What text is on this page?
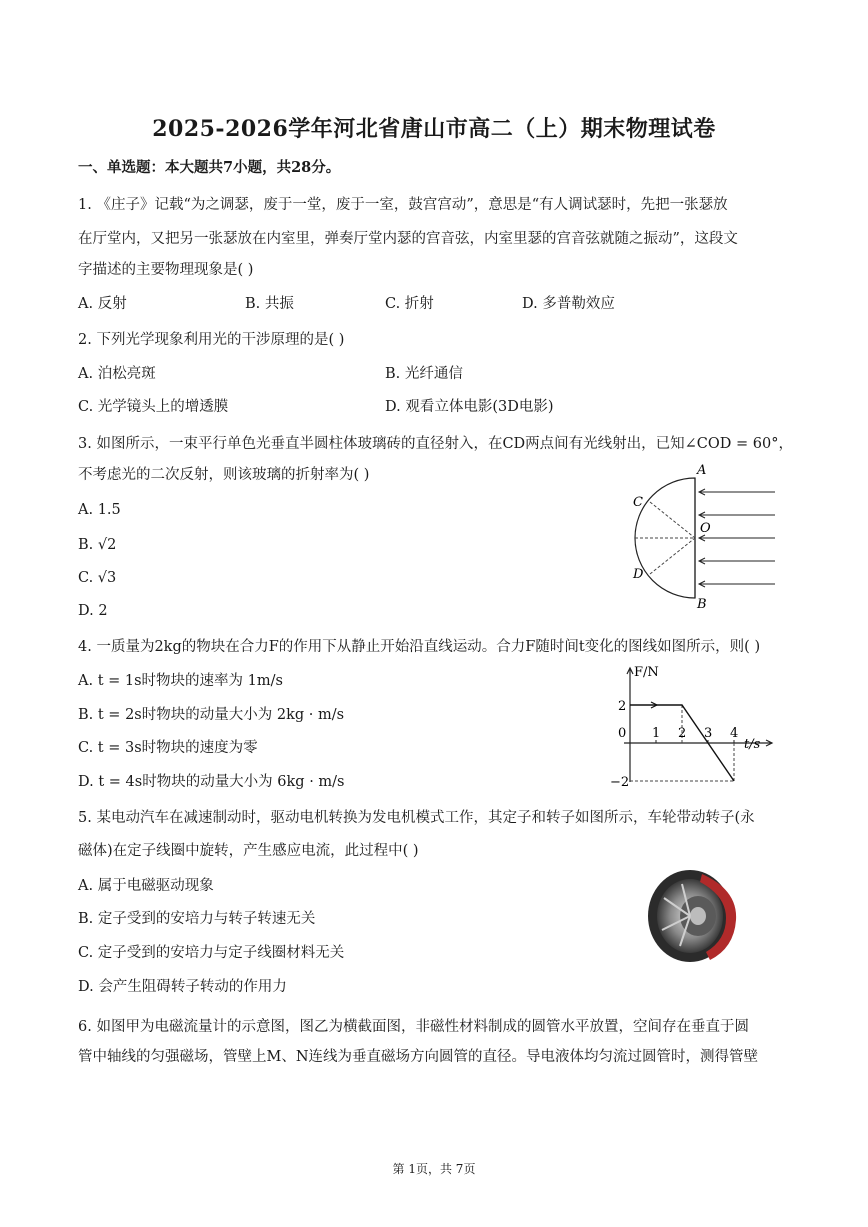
2025-2026学年河北省唐山市高二（上）期末物理试卷
一、单选题：本大题共7小题，共28分。
1. 《庄子》记载“为之调瑟，废于一堂，废于一室，鼓宫宫动”，意思是“有人调试瑟时，先把一张瑟放
在厅堂内，又把另一张瑟放在内室里，弹奏厅堂内瑟的宫音弦，内室里瑟的宫音弦就随之振动”，这段文
字描述的主要物理现象是( )
A. 反射	B. 共振	C. 折射	D. 多普勒效应
2. 下列光学现象利用光的干涉原理的是( )
A. 泊松亮斑	B. 光纤通信
C. 光学镜头上的增透膜	D. 观看立体电影(3D电影)
3. 如图所示，一束平行单色光垂直半圆柱体玻璃砖的直径射入，在CD两点间有光线射出，已知∠COD = 60°，
不考虑光的二次反射，则该玻璃的折射率为( )
A. 1.5
B. √2
C. √3
D. 2
A
B
C
D
O
4. 一质量为2kg的物块在合力F的作用下从静止开始沿直线运动。合力F随时间t变化的图线如图所示，则( )
A. t = 1s时物块的速率为 1m/s
B. t = 2s时物块的动量大小为 2kg · m/s
C. t = 3s时物块的速度为零
D. t = 4s时物块的动量大小为 6kg · m/s
F/N
t/s
0 1 2 3 4
2
−2
5. 某电动汽车在减速制动时，驱动电机转换为发电机模式工作，其定子和转子如图所示，车轮带动转子(永
磁体)在定子线圈中旋转，产生感应电流，此过程中( )
A. 属于电磁驱动现象
B. 定子受到的安培力与转子转速无关
C. 定子受到的安培力与定子线圈材料无关
D. 会产生阻碍转子转动的作用力
6. 如图甲为电磁流量计的示意图，图乙为横截面图，非磁性材料制成的圆管水平放置，空间存在垂直于圆
管中轴线的匀强磁场，管壁上M、N连线为垂直磁场方向圆管的直径。导电液体均匀流过圆管时，测得管壁
第 1页，共 7页
